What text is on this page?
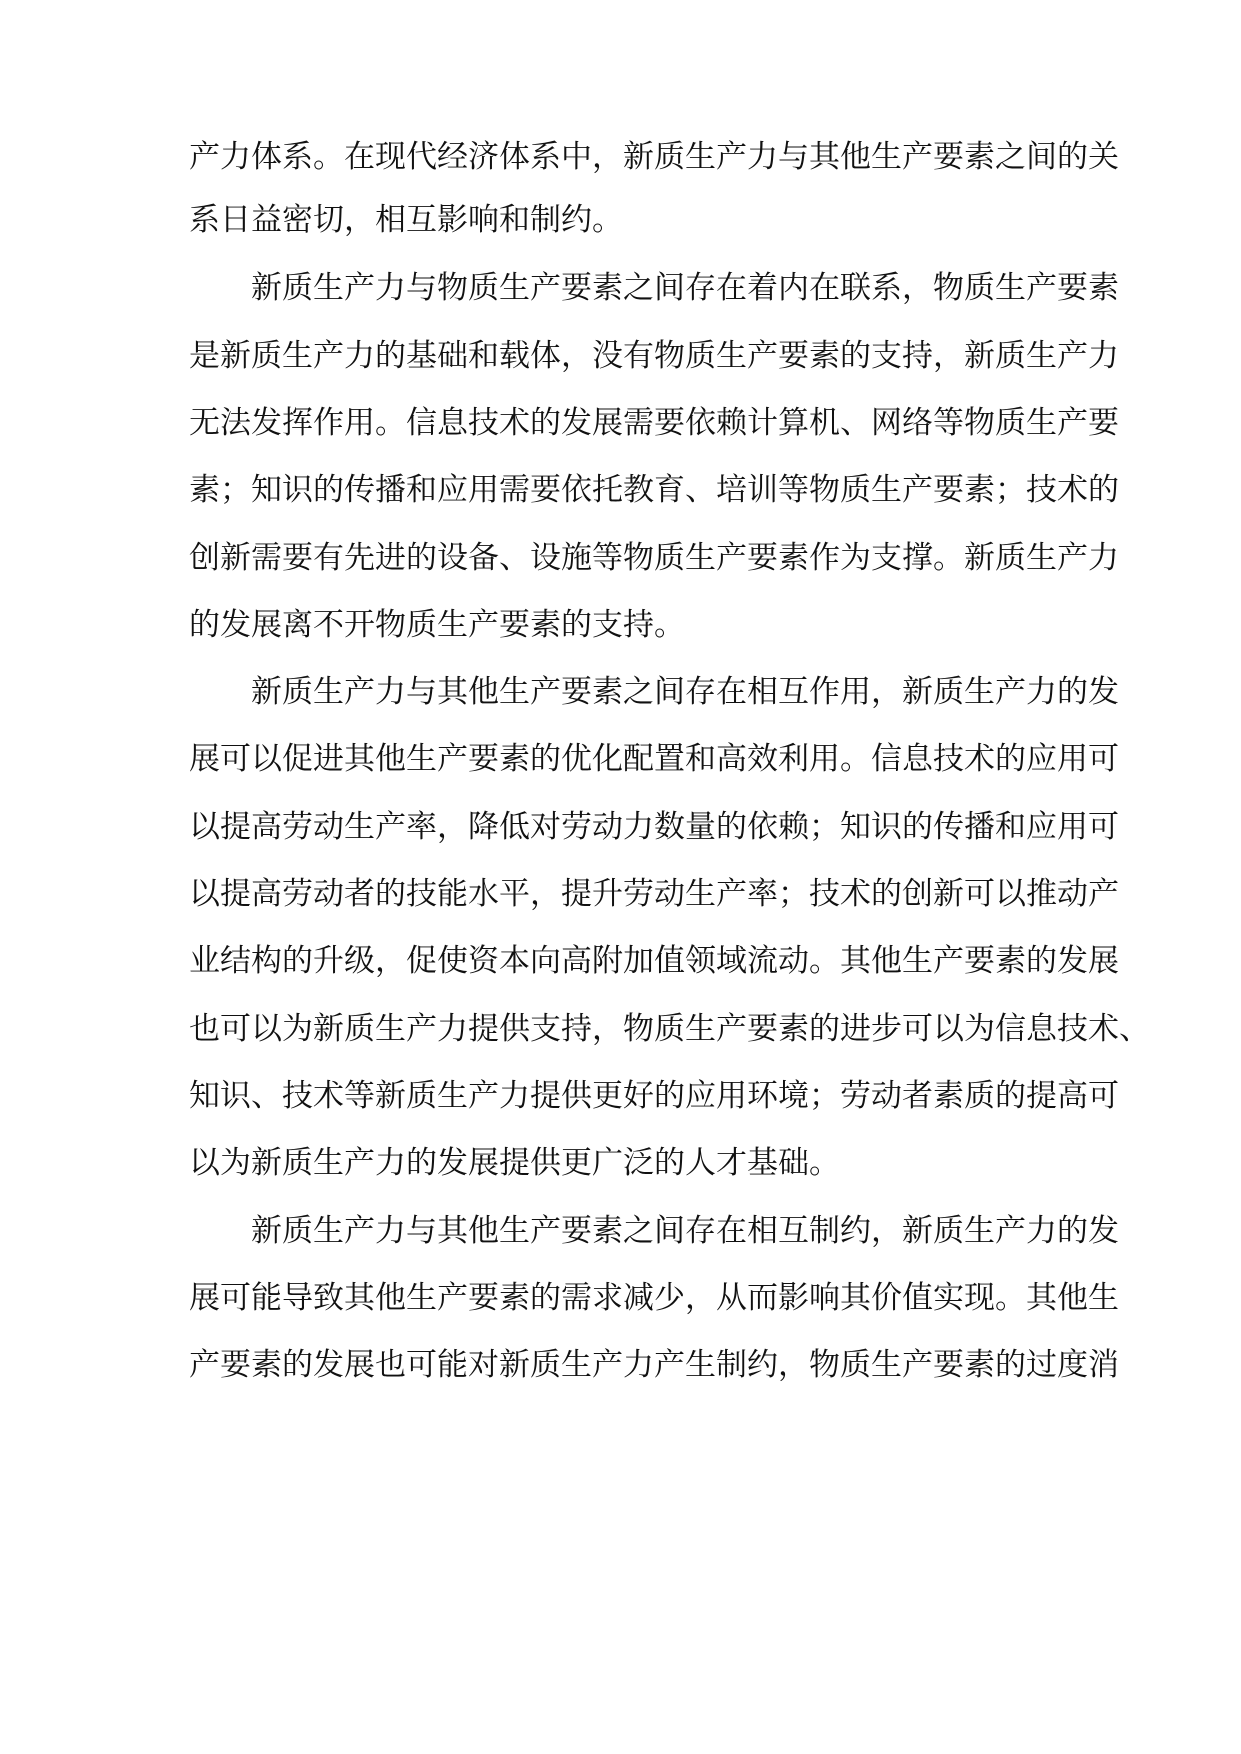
产力体系。在现代经济体系中，新质生产力与其他生产要素之间的关
系日益密切，相互影响和制约。
新质生产力与物质生产要素之间存在着内在联系，物质生产要素
是新质生产力的基础和载体，没有物质生产要素的支持，新质生产力
无法发挥作用。信息技术的发展需要依赖计算机、网络等物质生产要
素；知识的传播和应用需要依托教育、培训等物质生产要素；技术的
创新需要有先进的设备、设施等物质生产要素作为支撑。新质生产力
的发展离不开物质生产要素的支持。
新质生产力与其他生产要素之间存在相互作用，新质生产力的发
展可以促进其他生产要素的优化配置和高效利用。信息技术的应用可
以提高劳动生产率，降低对劳动力数量的依赖；知识的传播和应用可
以提高劳动者的技能水平，提升劳动生产率；技术的创新可以推动产
业结构的升级，促使资本向高附加值领域流动。其他生产要素的发展
也可以为新质生产力提供支持，物质生产要素的进步可以为信息技术、
知识、技术等新质生产力提供更好的应用环境；劳动者素质的提高可
以为新质生产力的发展提供更广泛的人才基础。
新质生产力与其他生产要素之间存在相互制约，新质生产力的发
展可能导致其他生产要素的需求减少，从而影响其价值实现。其他生
产要素的发展也可能对新质生产力产生制约，物质生产要素的过度消
